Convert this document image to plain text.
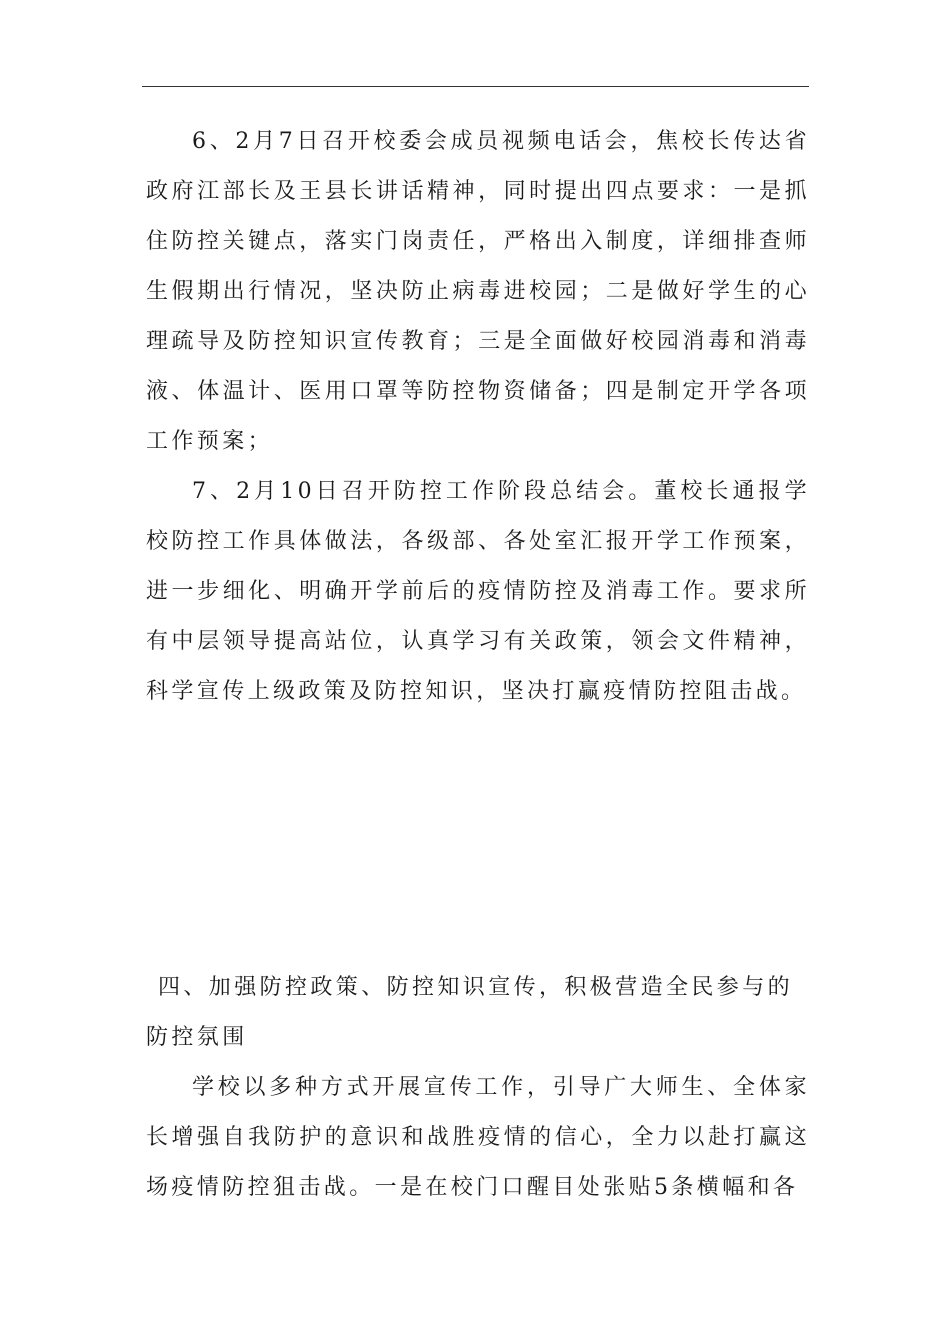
6、2月7日召开校委会成员视频电话会，焦校长传达省政府江部长及王县长讲话精神，同时提出四点要求：一是抓住防控关键点，落实门岗责任，严格出入制度，详细排查师生假期出行情况，坚决防止病毒进校园；二是做好学生的心理疏导及防控知识宣传教育；三是全面做好校园消毒和消毒液、体温计、医用口罩等防控物资储备；四是制定开学各项工作预案；

7、2月10日召开防控工作阶段总结会。董校长通报学校防控工作具体做法，各级部、各处室汇报开学工作预案，进一步细化、明确开学前后的疫情防控及消毒工作。要求所有中层领导提高站位，认真学习有关政策，领会文件精神，科学宣传上级政策及防控知识，坚决打赢疫情防控阻击战。

四、加强防控政策、防控知识宣传，积极营造全民参与的防控氛围

学校以多种方式开展宣传工作，引导广大师生、全体家长增强自我防护的意识和战胜疫情的信心，全力以赴打赢这场疫情防控狙击战。一是在校门口醒目处张贴5条横幅和各
